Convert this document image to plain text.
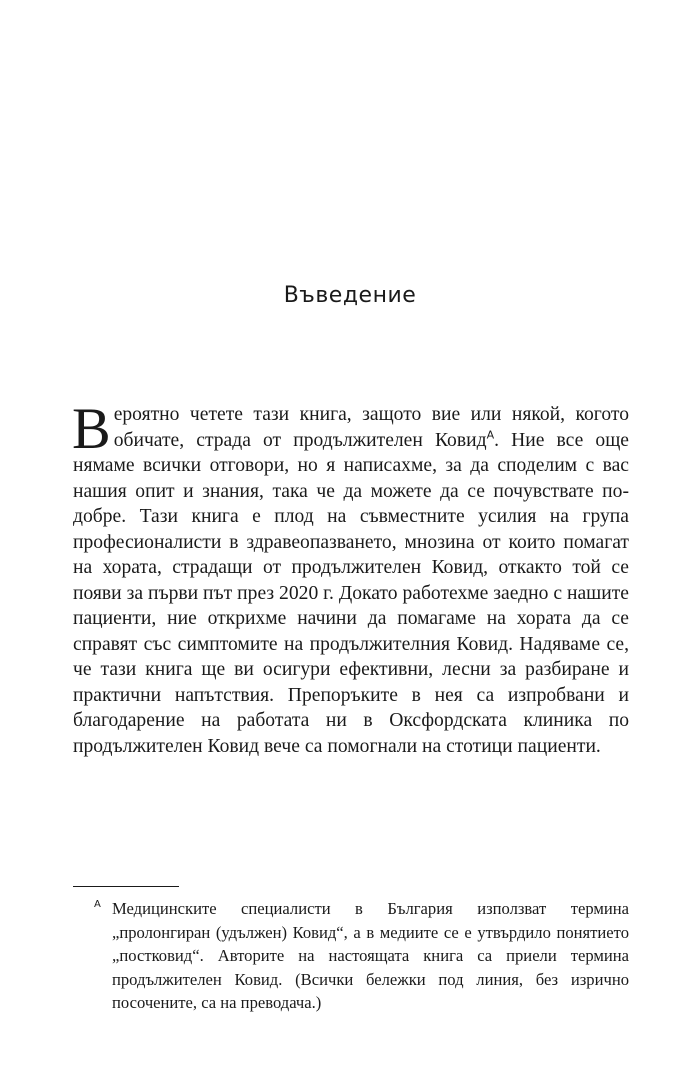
Въведение

Вероятно четете тази книга, защото вие или някой, когото обичате, страда от продължителен Ковид$^А$. Ние все още нямаме всички отговори, но я написахме, за да споделим с вас нашия опит и знания, така че да можете да се почувствате по-добре. Тази книга е плод на съвместните усилия на група професионалисти в здравеопазването, мнозина от които помагат на хората, страдащи от продължителен Ковид, откакто той се появи за първи път през 2020 г. Докато работехме заедно с нашите пациенти, ние открихме начини да помагаме на хората да се справят със симптомите на продължителния Ковид. Надяваме се, че тази книга ще ви осигури ефективни, лесни за разбиране и практични напътствия. Препоръките в нея са изпробвани и благодарение на работата ни в Оксфордската клиника по продължителен Ковид вече са помогнали на стотици пациенти.

А Медицинските специалисти в България използват термина „пролонгиран (удължен) Ковид“, а в медиите се е утвърдило понятието „постковид“. Авторите на настоящата книга са приели термина продължителен Ковид. (Всички бележки под линия, без изрично посочените, са на преводача.)
